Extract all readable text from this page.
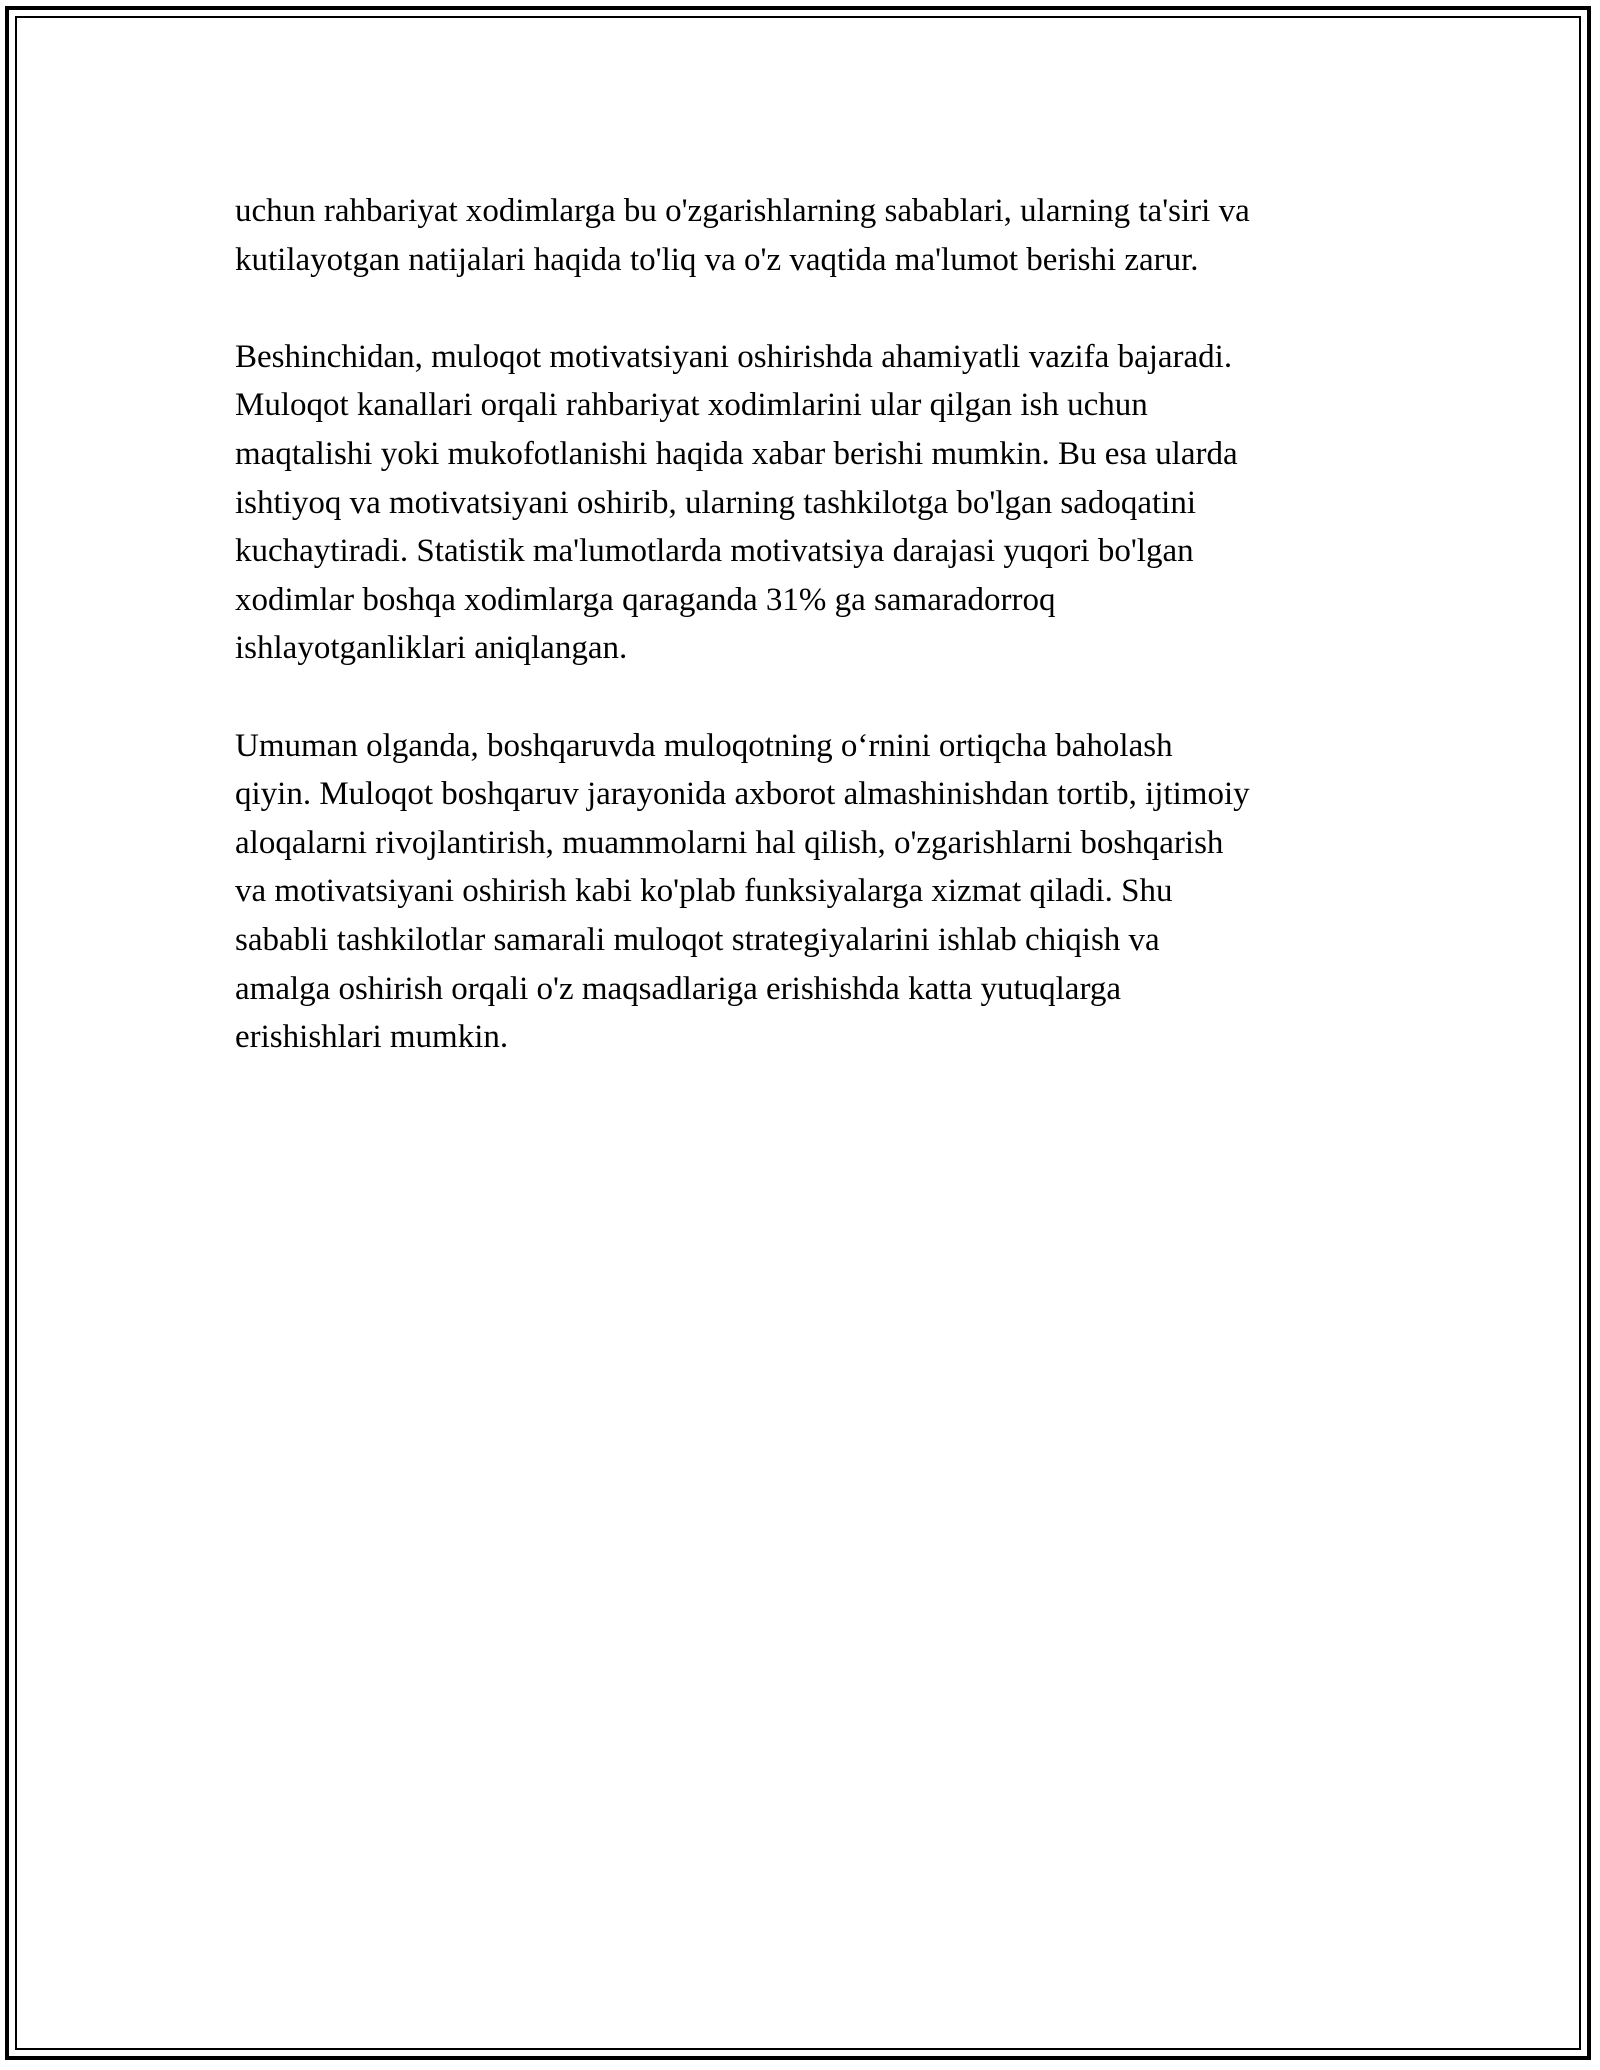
uchun rahbariyat xodimlarga bu o'zgarishlarning sabablari, ularning ta'siri va
kutilayotgan natijalari haqida to'liq va o'z vaqtida ma'lumot berishi zarur.
Beshinchidan, muloqot motivatsiyani oshirishda ahamiyatli vazifa bajaradi.
Muloqot kanallari orqali rahbariyat xodimlarini ular qilgan ish uchun
maqtalishi yoki mukofotlanishi haqida xabar berishi mumkin. Bu esa ularda
ishtiyoq va motivatsiyani oshirib, ularning tashkilotga bo'lgan sadoqatini
kuchaytiradi. Statistik ma'lumotlarda motivatsiya darajasi yuqori bo'lgan
xodimlar boshqa xodimlarga qaraganda 31% ga samaradorroq
ishlayotganliklari aniqlangan.
Umuman olganda, boshqaruvda muloqotning o‘rnini ortiqcha baholash
qiyin. Muloqot boshqaruv jarayonida axborot almashinishdan tortib, ijtimoiy
aloqalarni rivojlantirish, muammolarni hal qilish, o'zgarishlarni boshqarish
va motivatsiyani oshirish kabi ko'plab funksiyalarga xizmat qiladi. Shu
sababli tashkilotlar samarali muloqot strategiyalarini ishlab chiqish va
amalga oshirish orqali o'z maqsadlariga erishishda katta yutuqlarga
erishishlari mumkin.
